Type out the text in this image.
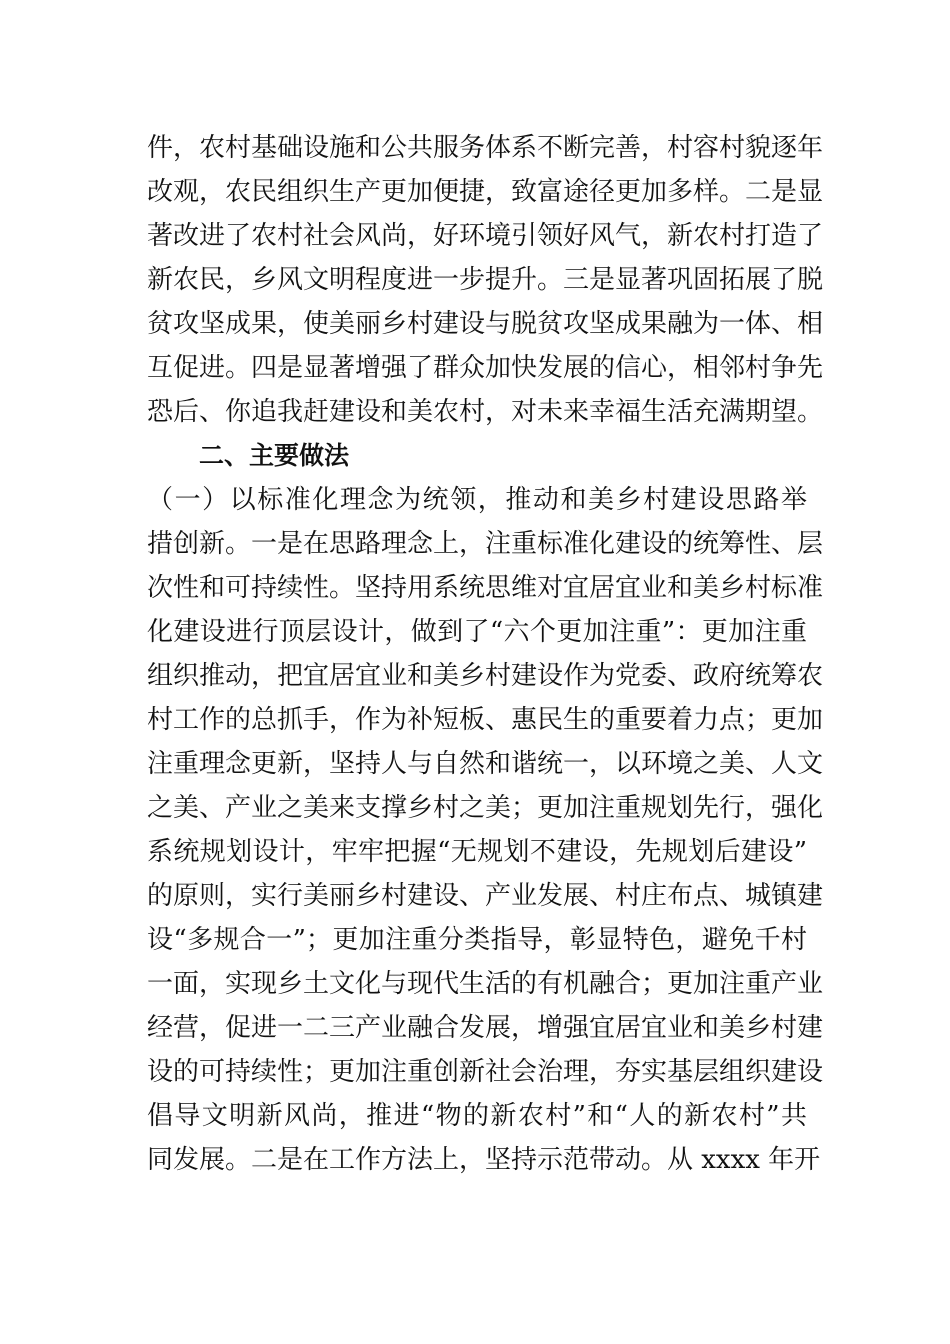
件，农村基础设施和公共服务体系不断完善，村容村貌逐年

改观，农民组织生产更加便捷，致富途径更加多样。二是显

著改进了农村社会风尚，好环境引领好风气，新农村打造了

新农民，乡风文明程度进一步提升。三是显著巩固拓展了脱

贫攻坚成果，使美丽乡村建设与脱贫攻坚成果融为一体、相

互促进。四是显著增强了群众加快发展的信心，相邻村争先

恐后、你追我赶建设和美农村，对未来幸福生活充满期望。

二、主要做法

（一）以标准化理念为统领，推动和美乡村建设思路举

措创新。一是在思路理念上，注重标准化建设的统筹性、层

次性和可持续性。坚持用系统思维对宜居宜业和美乡村标准

化建设进行顶层设计，做到了“六个更加注重”：更加注重

组织推动，把宜居宜业和美乡村建设作为党委、政府统筹农

村工作的总抓手，作为补短板、惠民生的重要着力点；更加

注重理念更新，坚持人与自然和谐统一，以环境之美、人文

之美、产业之美来支撑乡村之美；更加注重规划先行，强化

系统规划设计，牢牢把握“无规划不建设，先规划后建设”

的原则，实行美丽乡村建设、产业发展、村庄布点、城镇建

设“多规合一”；更加注重分类指导，彰显特色，避免千村

一面，实现乡土文化与现代生活的有机融合；更加注重产业

经营，促进一二三产业融合发展，增强宜居宜业和美乡村建

设的可持续性；更加注重创新社会治理，夯实基层组织建设

倡导文明新风尚，推进“物的新农村”和“人的新农村”共

同发展。二是在工作方法上，坚持示范带动。从 xxxx 年开
